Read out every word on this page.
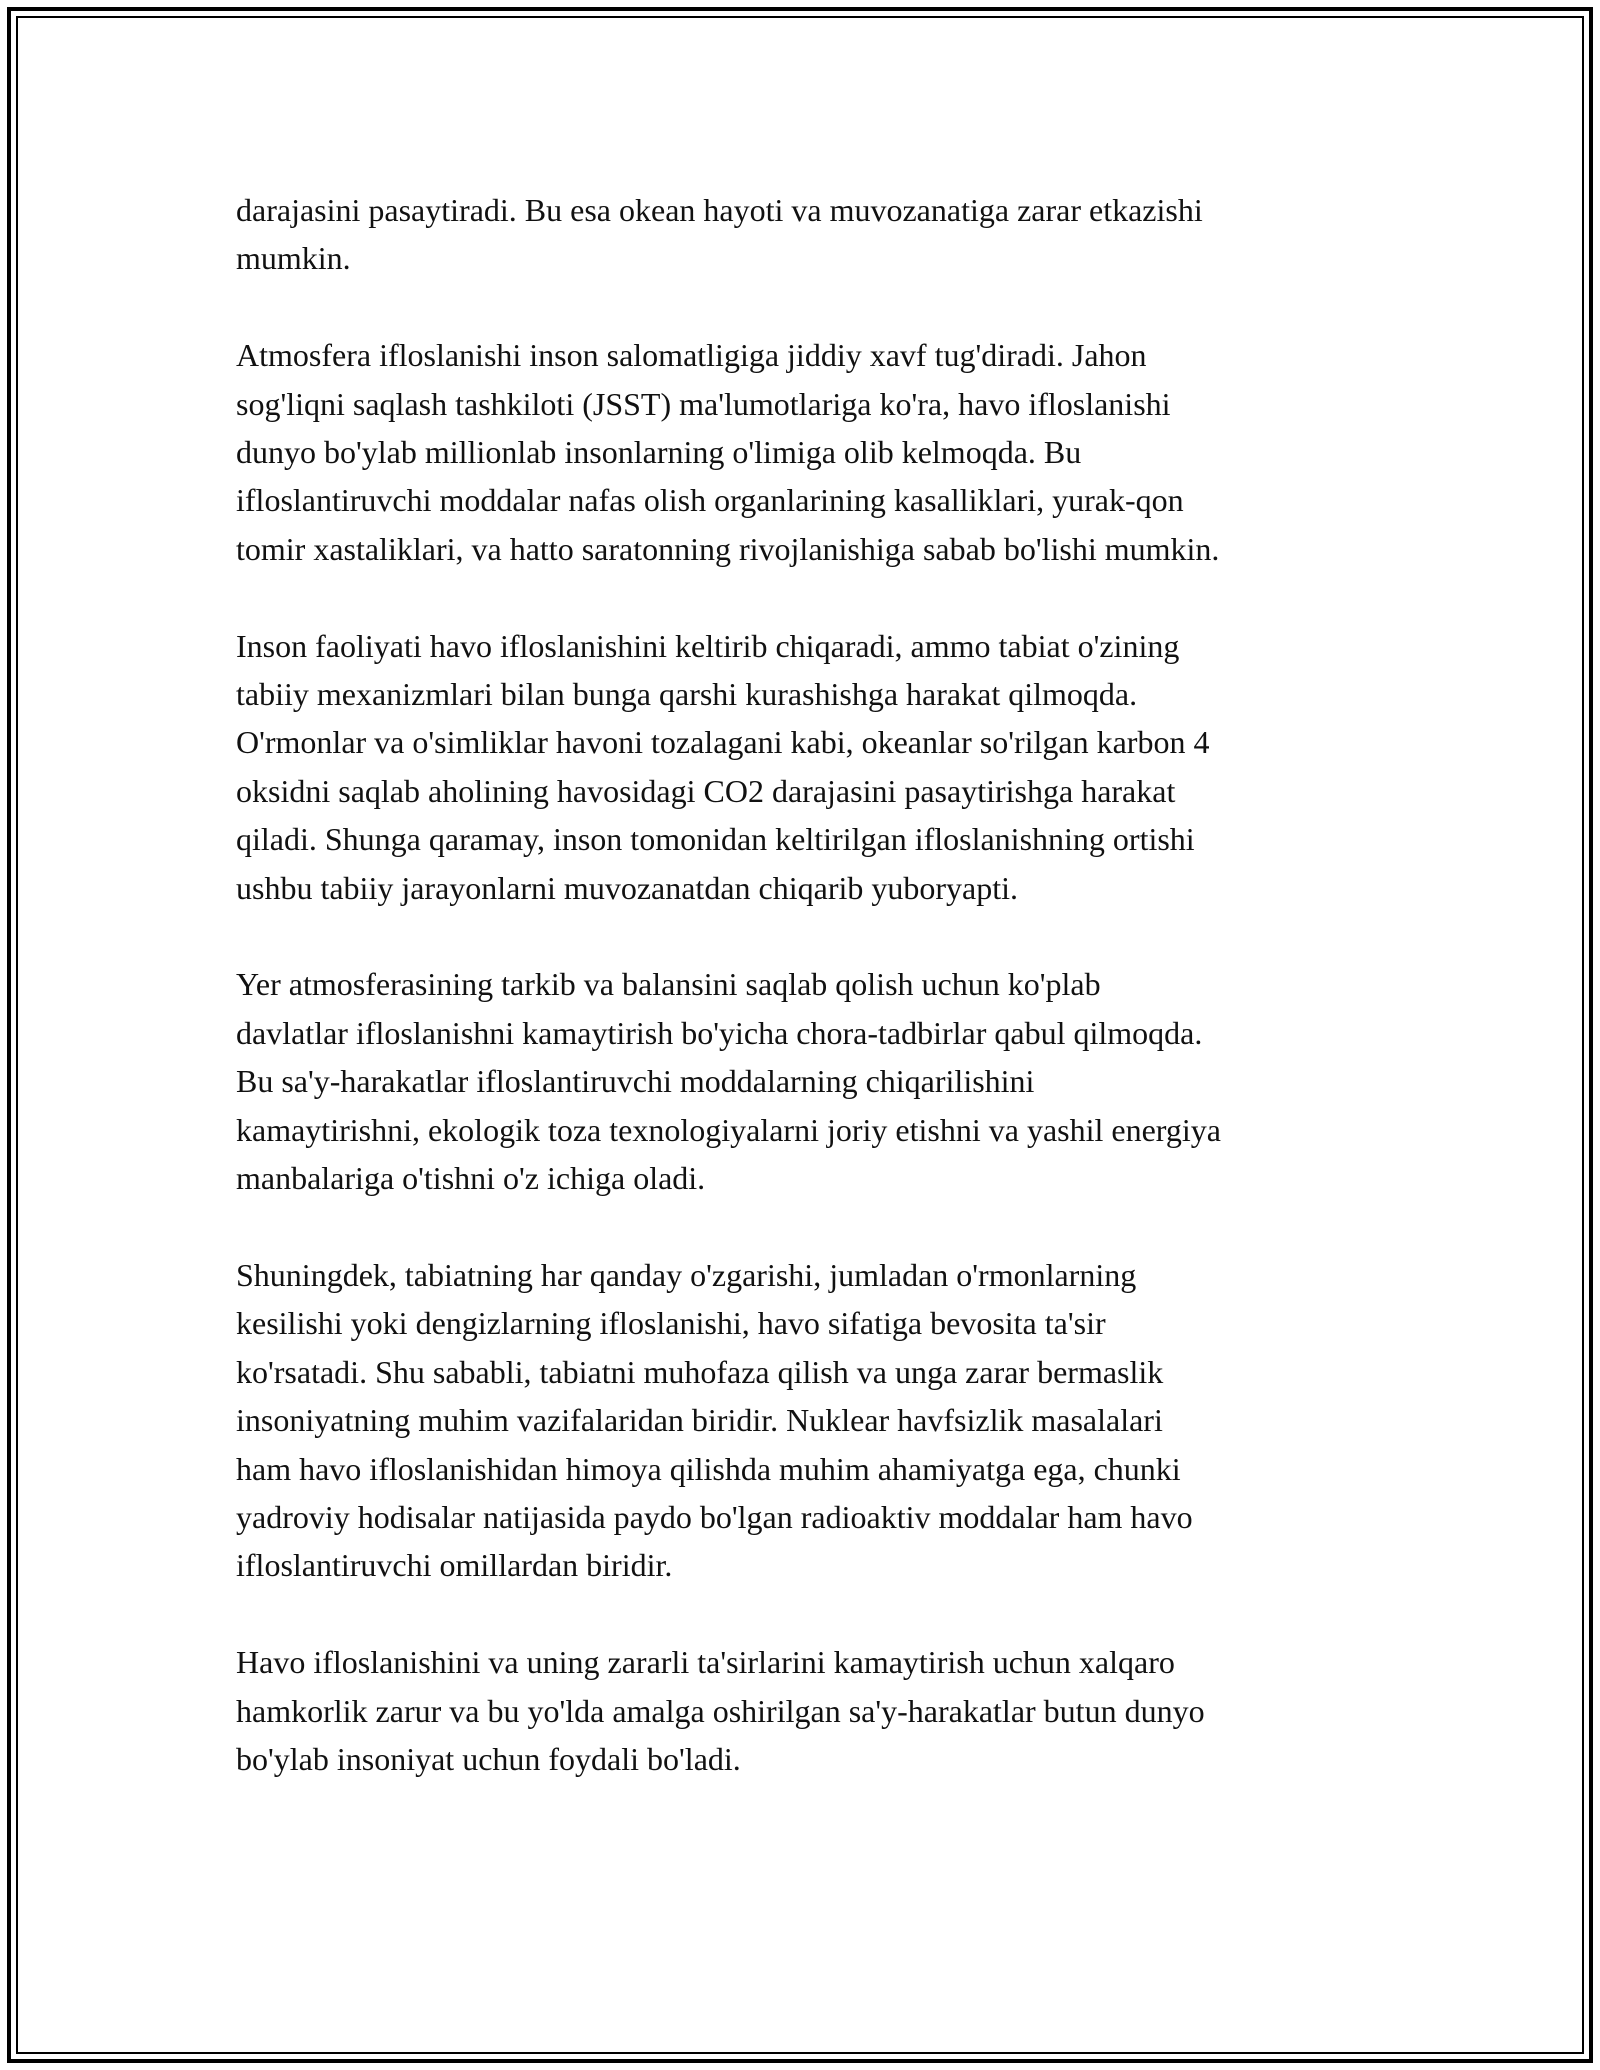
darajasini pasaytiradi. Bu esa okean hayoti va muvozanatiga zarar etkazishi
mumkin.

Atmosfera ifloslanishi inson salomatligiga jiddiy xavf tug'diradi. Jahon
sog'liqni saqlash tashkiloti (JSST) ma'lumotlariga ko'ra, havo ifloslanishi
dunyo bo'ylab millionlab insonlarning o'limiga olib kelmoqda. Bu
ifloslantiruvchi moddalar nafas olish organlarining kasalliklari, yurak-qon
tomir xastaliklari, va hatto saratonning rivojlanishiga sabab bo'lishi mumkin.

Inson faoliyati havo ifloslanishini keltirib chiqaradi, ammo tabiat o'zining
tabiiy mexanizmlari bilan bunga qarshi kurashishga harakat qilmoqda.
O'rmonlar va o'simliklar havoni tozalagani kabi, okeanlar so'rilgan karbon 4
oksidni saqlab aholining havosidagi CO2 darajasini pasaytirishga harakat
qiladi. Shunga qaramay, inson tomonidan keltirilgan ifloslanishning ortishi
ushbu tabiiy jarayonlarni muvozanatdan chiqarib yuboryapti.

Yer atmosferasining tarkib va balansini saqlab qolish uchun ko'plab
davlatlar ifloslanishni kamaytirish bo'yicha chora-tadbirlar qabul qilmoqda.
Bu sa'y-harakatlar ifloslantiruvchi moddalarning chiqarilishini
kamaytirishni, ekologik toza texnologiyalarni joriy etishni va yashil energiya
manbalariga o'tishni o'z ichiga oladi.

Shuningdek, tabiatning har qanday o'zgarishi, jumladan o'rmonlarning
kesilishi yoki dengizlarning ifloslanishi, havo sifatiga bevosita ta'sir
ko'rsatadi. Shu sababli, tabiatni muhofaza qilish va unga zarar bermaslik
insoniyatning muhim vazifalaridan biridir. Nuklear havfsizlik masalalari
ham havo ifloslanishidan himoya qilishda muhim ahamiyatga ega, chunki
yadroviy hodisalar natijasida paydo bo'lgan radioaktiv moddalar ham havo
ifloslantiruvchi omillardan biridir.

Havo ifloslanishini va uning zararli ta'sirlarini kamaytirish uchun xalqaro
hamkorlik zarur va bu yo'lda amalga oshirilgan sa'y-harakatlar butun dunyo
bo'ylab insoniyat uchun foydali bo'ladi.
